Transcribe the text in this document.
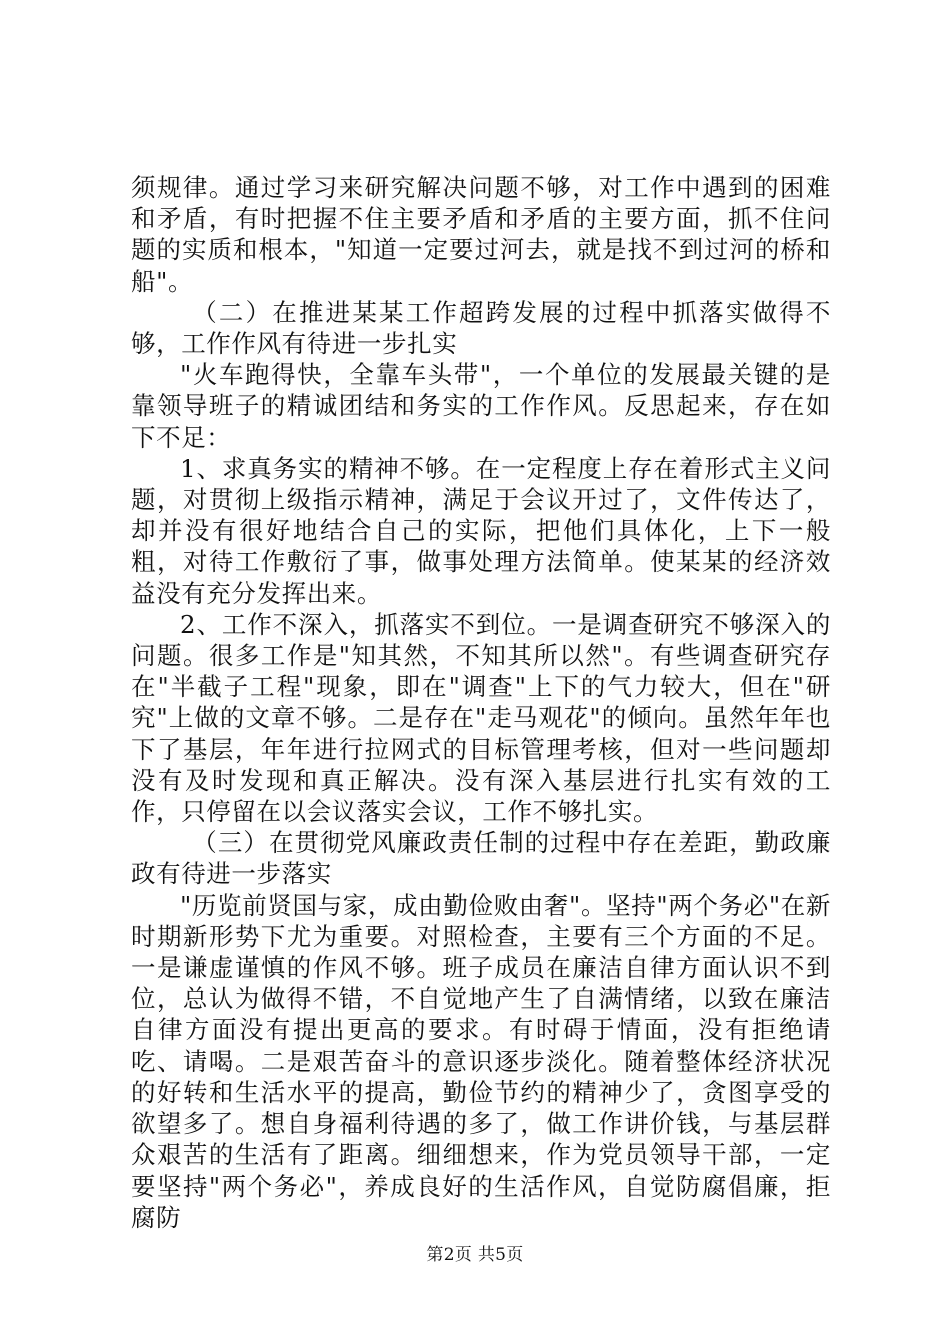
须规律。通过学习来研究解决问题不够，对工作中遇到的困难和矛盾，有时把握不住主要矛盾和矛盾的主要方面，抓不住问题的实质和根本，"知道一定要过河去，就是找不到过河的桥和船"。

（二）在推进某某工作超跨发展的过程中抓落实做得不够，工作作风有待进一步扎实

"火车跑得快，全靠车头带"，一个单位的发展最关键的是靠领导班子的精诚团结和务实的工作作风。反思起来，存在如下不足：

1、求真务实的精神不够。在一定程度上存在着形式主义问题，对贯彻上级指示精神，满足于会议开过了，文件传达了，却并没有很好地结合自己的实际，把他们具体化，上下一般粗，对待工作敷衍了事，做事处理方法简单。使某某的经济效益没有充分发挥出来。

2、工作不深入，抓落实不到位。一是调查研究不够深入的问题。很多工作是"知其然，不知其所以然"。有些调查研究存在"半截子工程"现象，即在"调查"上下的气力较大，但在"研究"上做的文章不够。二是存在"走马观花"的倾向。虽然年年也下了基层，年年进行拉网式的目标管理考核，但对一些问题却没有及时发现和真正解决。没有深入基层进行扎实有效的工作，只停留在以会议落实会议，工作不够扎实。

（三）在贯彻党风廉政责任制的过程中存在差距，勤政廉政有待进一步落实

"历览前贤国与家，成由勤俭败由奢"。坚持"两个务必"在新时期新形势下尤为重要。对照检查，主要有三个方面的不足。一是谦虚谨慎的作风不够。班子成员在廉洁自律方面认识不到位，总认为做得不错，不自觉地产生了自满情绪，以致在廉洁自律方面没有提出更高的要求。有时碍于情面，没有拒绝请吃、请喝。二是艰苦奋斗的意识逐步淡化。随着整体经济状况的好转和生活水平的提高，勤俭节约的精神少了，贪图享受的欲望多了。想自身福利待遇的多了，做工作讲价钱，与基层群众艰苦的生活有了距离。细细想来，作为党员领导干部，一定要坚持"两个务必"，养成良好的生活作风，自觉防腐倡廉，拒腐防

第2页 共5页
